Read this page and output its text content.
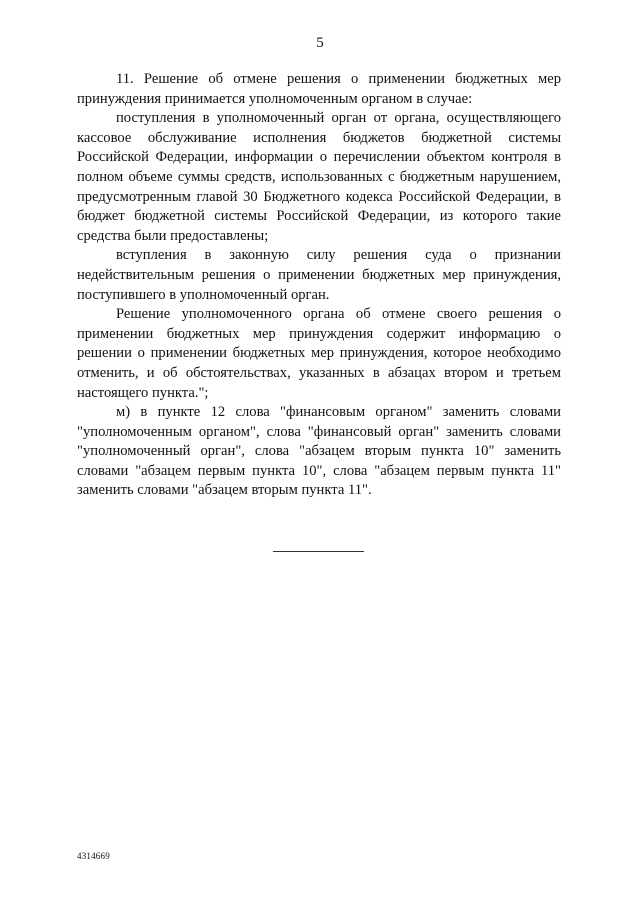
5

11. Решение об отмене решения о применении бюджетных мер принуждения принимается уполномоченным органом в случае:

поступления в уполномоченный орган от органа, осуществляющего кассовое обслуживание исполнения бюджетов бюджетной системы Российской Федерации, информации о перечислении объектом контроля в полном объеме суммы средств, использованных с бюджетным нарушением, предусмотренным главой 30 Бюджетного кодекса Российской Федерации, в бюджет бюджетной системы Российской Федерации, из которого такие средства были предоставлены;

вступления в законную силу решения суда о признании недействительным решения о применении бюджетных мер принуждения, поступившего в уполномоченный орган.

Решение уполномоченного органа об отмене своего решения о применении бюджетных мер принуждения содержит информацию о решении о применении бюджетных мер принуждения, которое необходимо отменить, и об обстоятельствах, указанных в абзацах втором и третьем настоящего пункта.";

м) в пункте 12 слова "финансовым органом" заменить словами "уполномоченным органом", слова "финансовый орган" заменить словами "уполномоченный орган", слова "абзацем вторым пункта 10" заменить словами "абзацем первым пункта 10", слова "абзацем первым пункта 11" заменить словами "абзацем вторым пункта 11".

4314669
